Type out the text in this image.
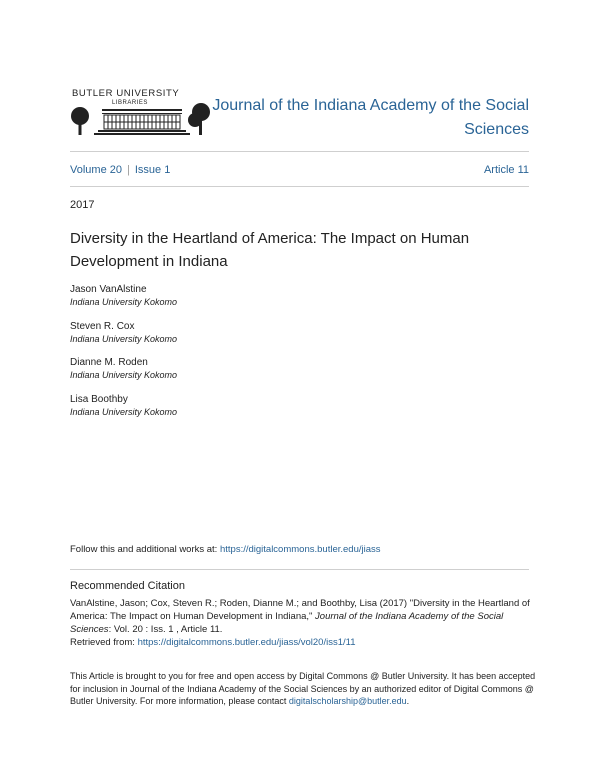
BUTLER UNIVERSITY
LIBRARIES	Journal of the Indiana Academy of the Social Sciences
Volume 20 | Issue 1	Article 11
2017
Diversity in the Heartland of America: The Impact on Human Development in Indiana
Jason VanAlstine
Indiana University Kokomo
Steven R. Cox
Indiana University Kokomo
Dianne M. Roden
Indiana University Kokomo
Lisa Boothby
Indiana University Kokomo
Follow this and additional works at: https://digitalcommons.butler.edu/jiass
Recommended Citation
VanAlstine, Jason; Cox, Steven R.; Roden, Dianne M.; and Boothby, Lisa (2017) "Diversity in the Heartland of America: The Impact on Human Development in Indiana," Journal of the Indiana Academy of the Social Sciences: Vol. 20 : Iss. 1 , Article 11.
Retrieved from: https://digitalcommons.butler.edu/jiass/vol20/iss1/11
This Article is brought to you for free and open access by Digital Commons @ Butler University. It has been accepted for inclusion in Journal of the Indiana Academy of the Social Sciences by an authorized editor of Digital Commons @ Butler University. For more information, please contact digitalscholarship@butler.edu.
